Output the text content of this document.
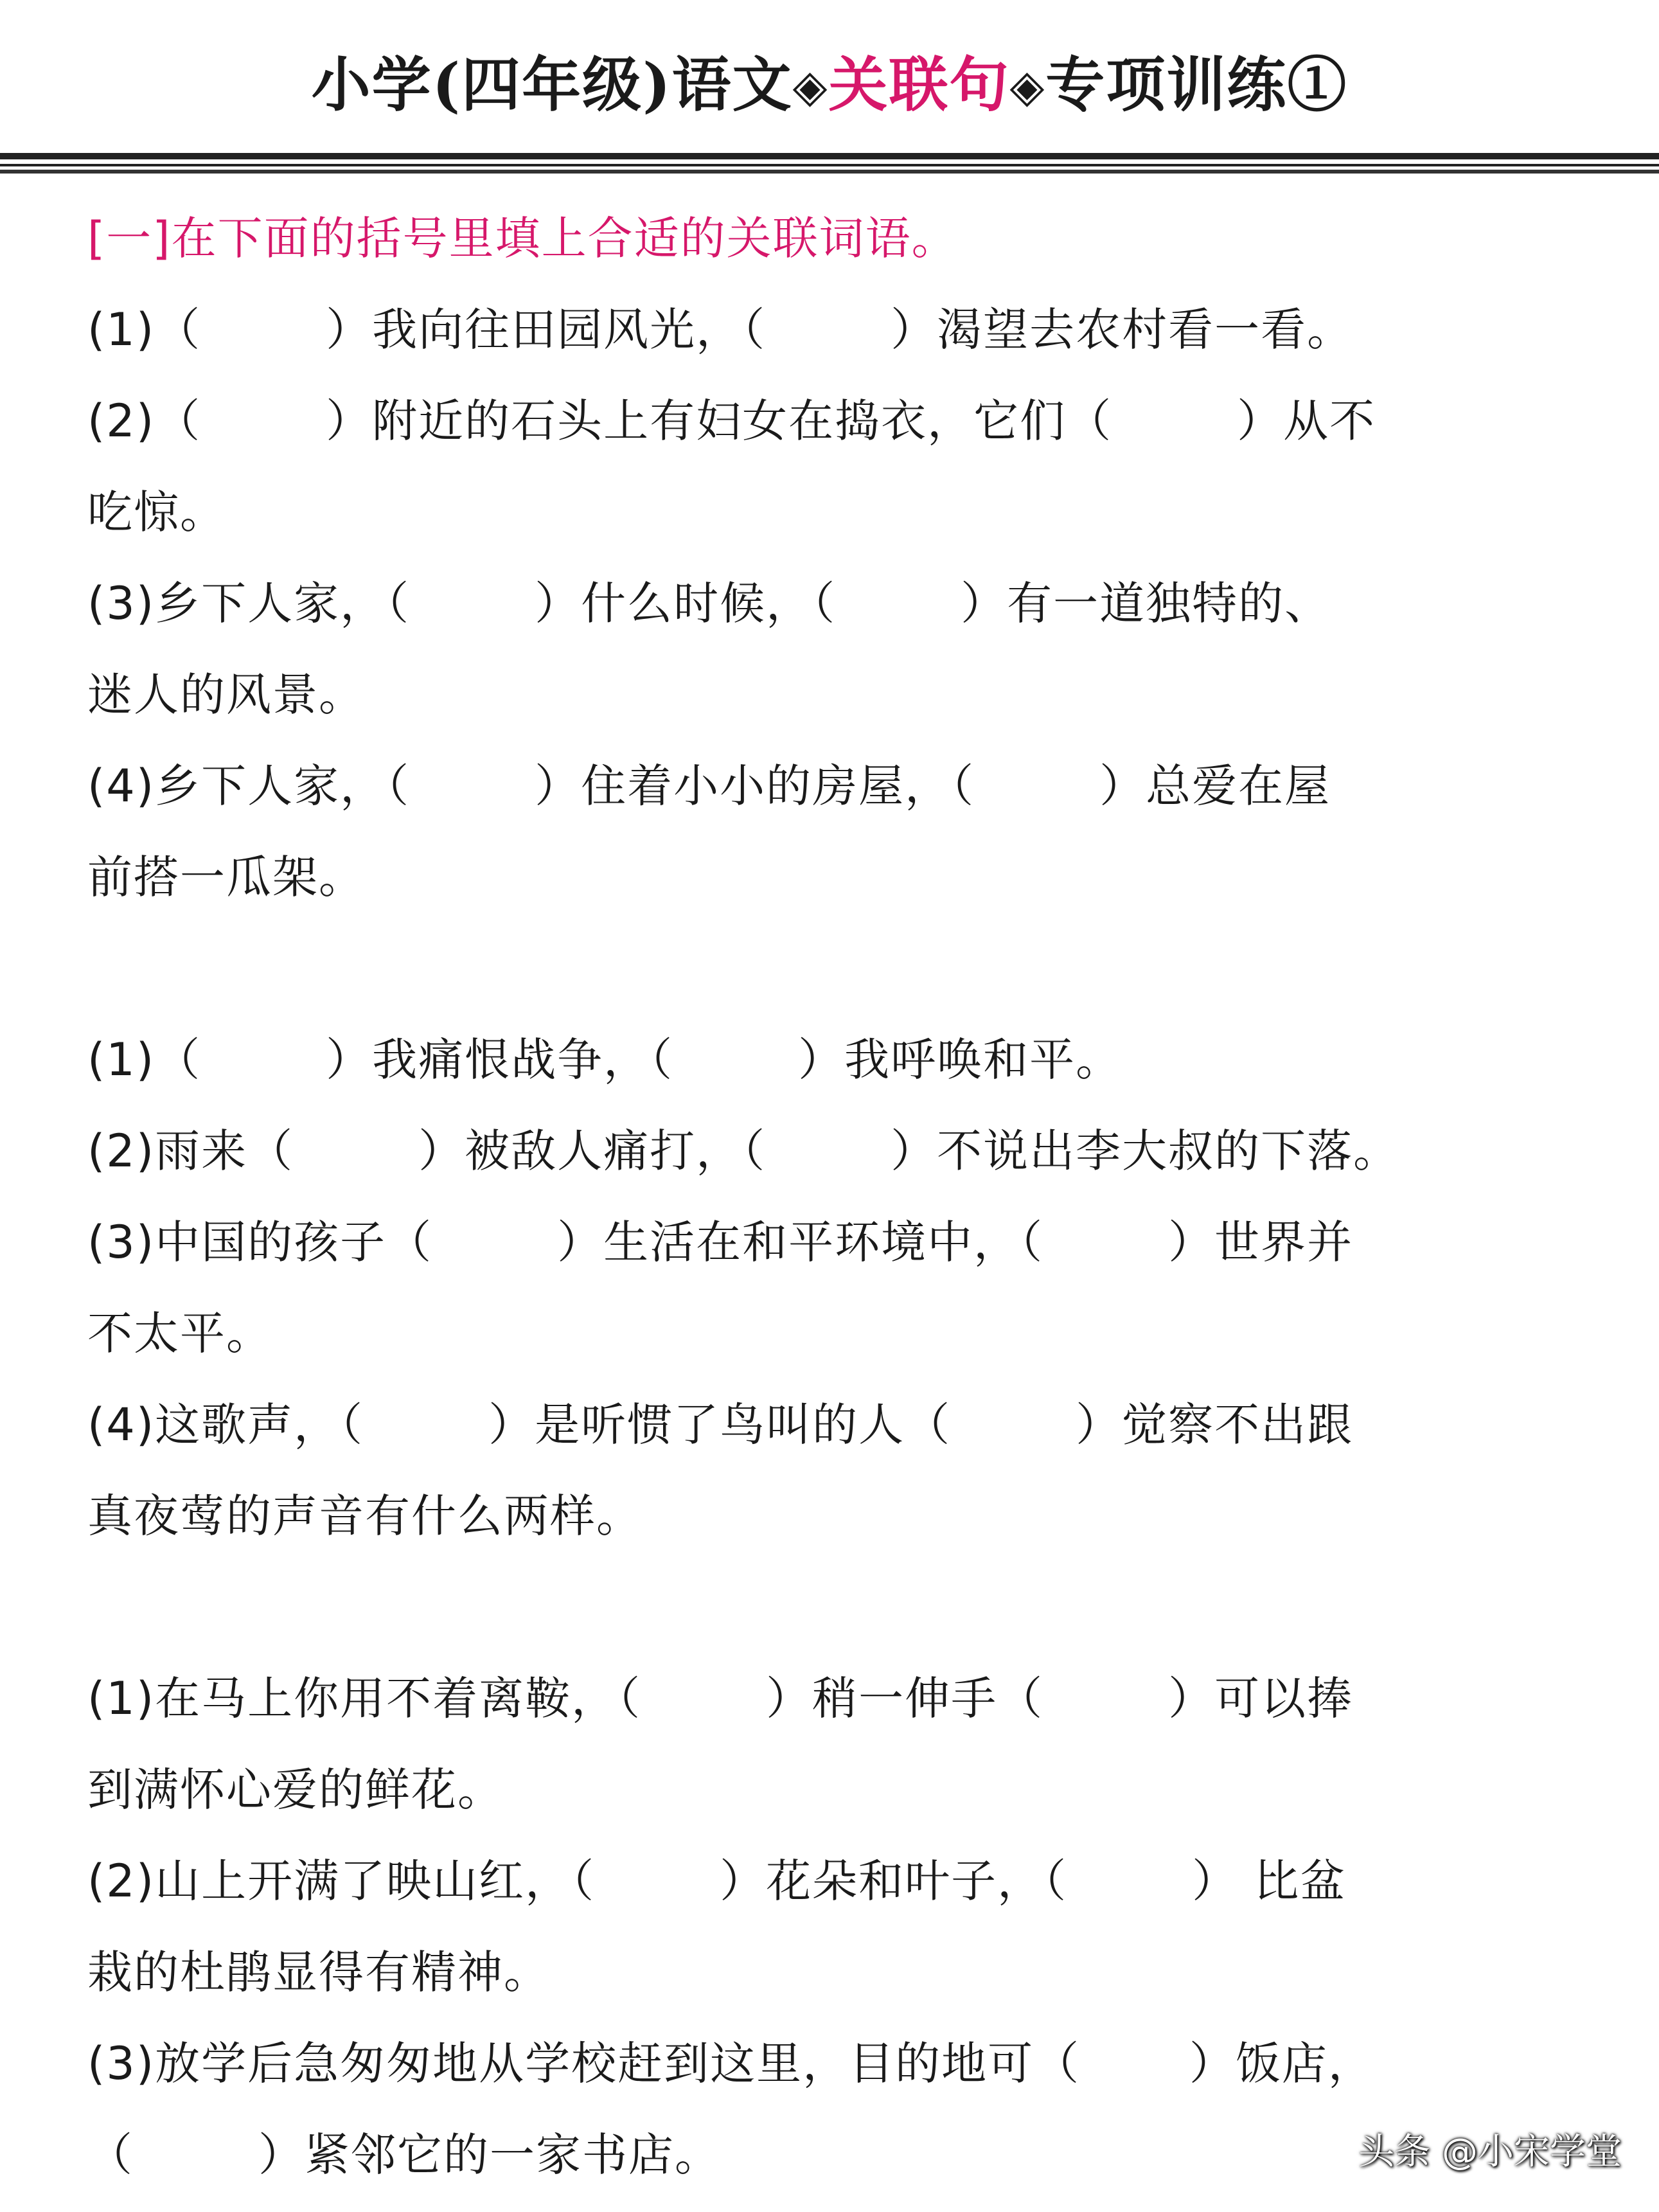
小学(四年级)语文◈关联句◈专项训练①
[一]在下面的括号里填上合适的关联词语。
(1)（        ）我向往田园风光，（        ）渴望去农村看一看。
(2)（        ）附近的石头上有妇女在捣衣，它们（        ）从不
吃惊。
(3)乡下人家，（        ）什么时候，（        ）有一道独特的、
迷人的风景。
(4)乡下人家，（        ）住着小小的房屋，（        ）总爱在屋
前搭一瓜架。
(1)（        ）我痛恨战争，（        ）我呼唤和平。
(2)雨来（        ）被敌人痛打，（        ）不说出李大叔的下落。
(3)中国的孩子（        ）生活在和平环境中，（        ）世界并
不太平。
(4)这歌声，（        ）是听惯了鸟叫的人（        ）觉察不出跟
真夜莺的声音有什么两样。
(1)在马上你用不着离鞍，（        ）稍一伸手（        ）可以捧
到满怀心爱的鲜花。
(2)山上开满了映山红，（        ）花朵和叶子，（        ） 比盆
栽的杜鹃显得有精神。
(3)放学后急匆匆地从学校赶到这里，目的地可（       ）饭店，
（        ）紧邻它的一家书店。	头条 @小宋学堂
